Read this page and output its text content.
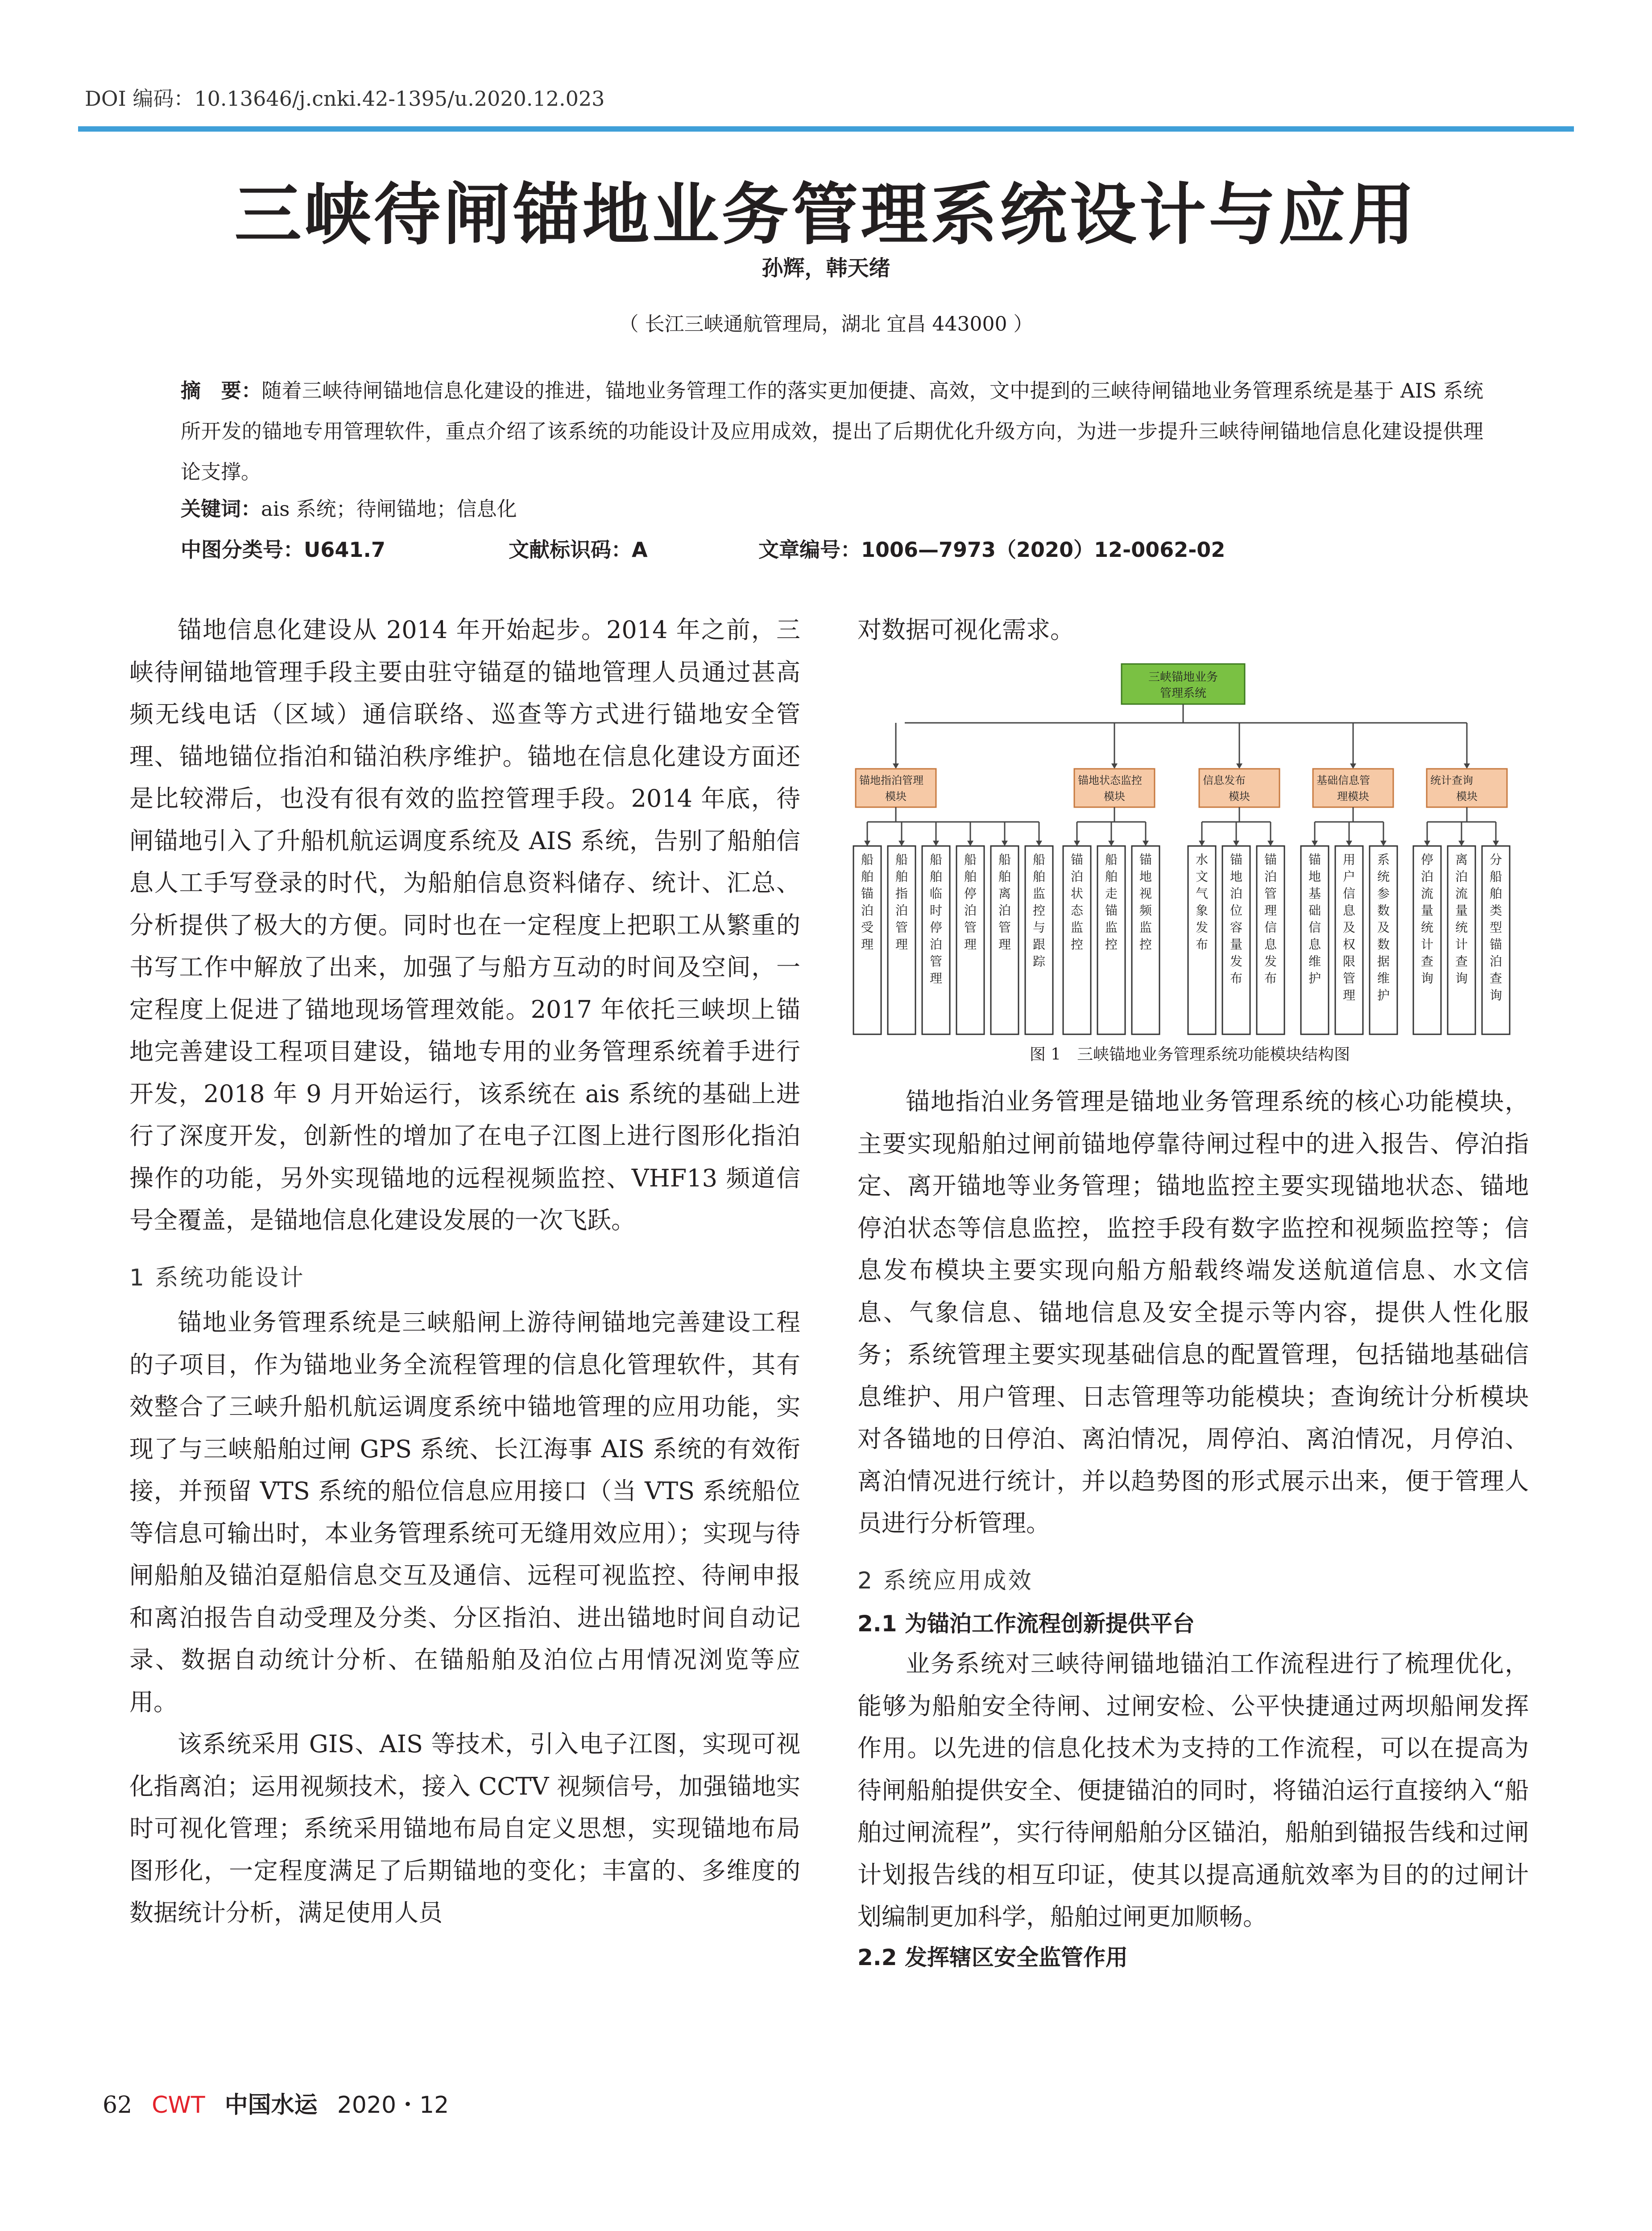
DOI 编码：10.13646/j.cnki.42-1395/u.2020.12.023
三峡待闸锚地业务管理系统设计与应用
孙辉，韩天绪
（ 长江三峡通航管理局，湖北 宜昌 443000 ）
摘　要：随着三峡待闸锚地信息化建设的推进，锚地业务管理工作的落实更加便捷、高效，文中提到的三峡待闸锚地业务管理系统是基于 AIS 系统所开发的锚地专用管理软件，重点介绍了该系统的功能设计及应用成效，提出了后期优化升级方向，为进一步提升三峡待闸锚地信息化建设提供理论支撑。
关键词：ais 系统；待闸锚地；信息化
中图分类号：U641.7	文献标识码：A	文章编号：1006—7973（2020）12-0062-02

锚地信息化建设从 2014 年开始起步。2014 年之前，三峡待闸锚地管理手段主要由驻守锚趸的锚地管理人员通过甚高频无线电话（区域）通信联络、巡查等方式进行锚地安全管理、锚地锚位指泊和锚泊秩序维护。锚地在信息化建设方面还是比较滞后，也没有很有效的监控管理手段。2014 年底，待闸锚地引入了升船机航运调度系统及 AIS 系统，告别了船舶信息人工手写登录的时代，为船舶信息资料储存、统计、汇总、分析提供了极大的方便。同时也在一定程度上把职工从繁重的书写工作中解放了出来，加强了与船方互动的时间及空间，一定程度上促进了锚地现场管理效能。2017 年依托三峡坝上锚地完善建设工程项目建设，锚地专用的业务管理系统着手进行开发，2018 年 9 月开始运行，该系统在 ais 系统的基础上进行了深度开发，创新性的增加了在电子江图上进行图形化指泊操作的功能，另外实现锚地的远程视频监控、VHF13 频道信号全覆盖，是锚地信息化建设发展的一次飞跃。

1 系统功能设计

锚地业务管理系统是三峡船闸上游待闸锚地完善建设工程的子项目，作为锚地业务全流程管理的信息化管理软件，其有效整合了三峡升船机航运调度系统中锚地管理的应用功能，实现了与三峡船舶过闸 GPS 系统、长江海事 AIS 系统的有效衔接，并预留 VTS 系统的船位信息应用接口（当 VTS 系统船位等信息可输出时，本业务管理系统可无缝用效应用）；实现与待闸船舶及锚泊趸船信息交互及通信、远程可视监控、待闸申报和离泊报告自动受理及分类、分区指泊、进出锚地时间自动记录、数据自动统计分析、在锚船舶及泊位占用情况浏览等应用。

该系统采用 GIS、AIS 等技术，引入电子江图，实现可视化指离泊；运用视频技术，接入 CCTV 视频信号，加强锚地实时可视化管理；系统采用锚地布局自定义思想，实现锚地布局图形化，一定程度满足了后期锚地的变化；丰富的、多维度的数据统计分析，满足使用人员

对数据可视化需求。

三峡锚地业务
管理系统
锚地指泊管理
模块
船舶锚泊受理
船舶指泊管理
船舶临时停泊管理
船舶停泊管理
船舶离泊管理
船舶监控与跟踪
锚地状态监控
模块
锚泊状态监控
船舶走锚监控
锚地视频监控
信息发布
模块
水文气象发布
锚地泊位容量发布
锚泊管理信息发布
基础信息管
理模块
锚地基础信息维护
用户信息及权限管理
系统参数及数据维护
统计查询
模块
停泊流量统计查询
离泊流量统计查询
分船舶类型锚泊查询
图 1　三峡锚地业务管理系统功能模块结构图

锚地指泊业务管理是锚地业务管理系统的核心功能模块，主要实现船舶过闸前锚地停靠待闸过程中的进入报告、停泊指定、离开锚地等业务管理；锚地监控主要实现锚地状态、锚地停泊状态等信息监控，监控手段有数字监控和视频监控等；信息发布模块主要实现向船方船载终端发送航道信息、水文信息、气象信息、锚地信息及安全提示等内容，提供人性化服务；系统管理主要实现基础信息的配置管理，包括锚地基础信息维护、用户管理、日志管理等功能模块；查询统计分析模块对各锚地的日停泊、离泊情况，周停泊、离泊情况，月停泊、离泊情况进行统计，并以趋势图的形式展示出来，便于管理人员进行分析管理。

2 系统应用成效

2.1 为锚泊工作流程创新提供平台

业务系统对三峡待闸锚地锚泊工作流程进行了梳理优化，能够为船舶安全待闸、过闸安检、公平快捷通过两坝船闸发挥作用。以先进的信息化技术为支持的工作流程，可以在提高为待闸船舶提供安全、便捷锚泊的同时，将锚泊运行直接纳入“船舶过闸流程”，实行待闸船舶分区锚泊，船舶到锚报告线和过闸计划报告线的相互印证，使其以提高通航效率为目的的过闸计划编制更加科学，船舶过闸更加顺畅。

2.2 发挥辖区安全监管作用

62 CWT 中国水运 2020・12
